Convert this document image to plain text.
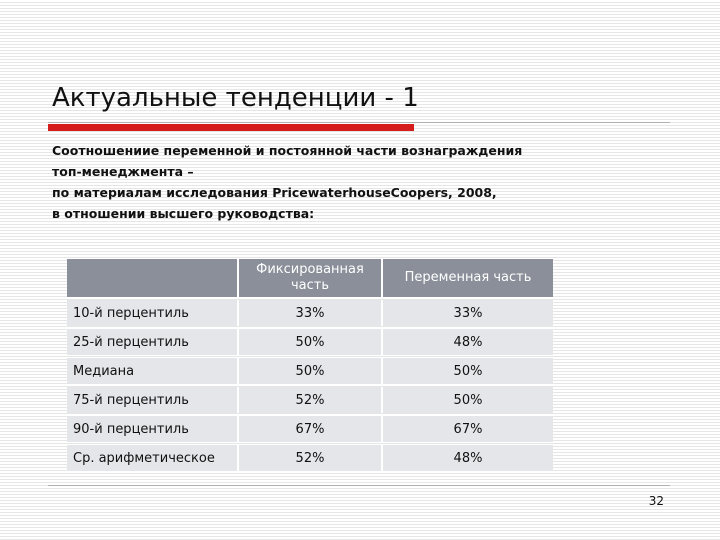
Актуальные тенденции - 1
Соотношениие переменной и постоянной части вознаграждения
топ-менеджмента –
по материалам исследования PricewaterhouseCoopers, 2008,
в отношении высшего руководства:
	Фиксированная часть	Переменная часть
10-й перцентиль	33%	33%
25-й перцентиль	50%	48%
Медиана	50%	50%
75-й перцентиль	52%	50%
90-й перцентиль	67%	67%
Ср. арифметическое	52%	48%
32
